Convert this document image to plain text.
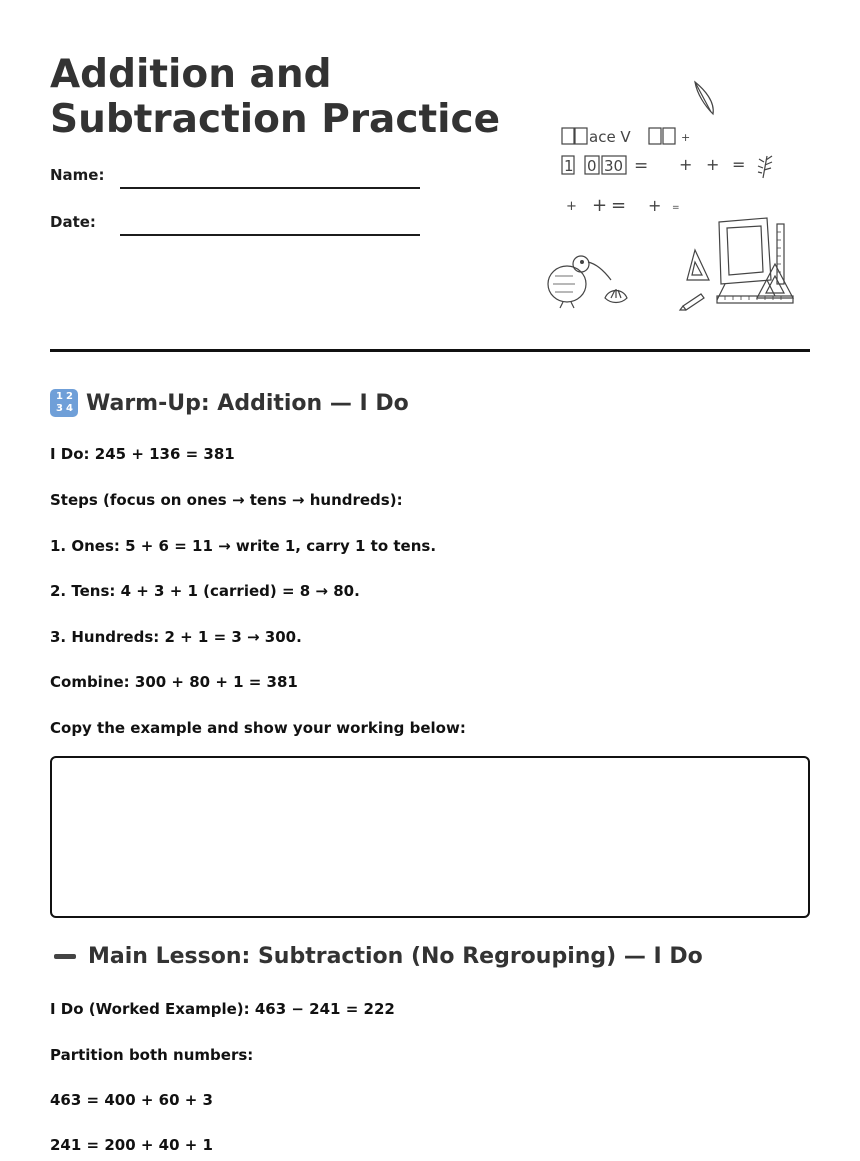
Addition and
Subtraction Practice
Name:
Date:
ace V	+
1 0 30 = + + =
+ + = + =
1 2
3 4 Warm-Up: Addition — I Do

I Do: 245 + 136 = 381

Steps (focus on ones → tens → hundreds):

1. Ones: 5 + 6 = 11 → write 1, carry 1 to tens.

2. Tens: 4 + 3 + 1 (carried) = 8 → 80.

3. Hundreds: 2 + 1 = 3 → 300.

Combine: 300 + 80 + 1 = 381

Copy the example and show your working below:

Main Lesson: Subtraction (No Regrouping) — I Do

I Do (Worked Example): 463 − 241 = 222

Partition both numbers:

463 = 400 + 60 + 3

241 = 200 + 40 + 1
